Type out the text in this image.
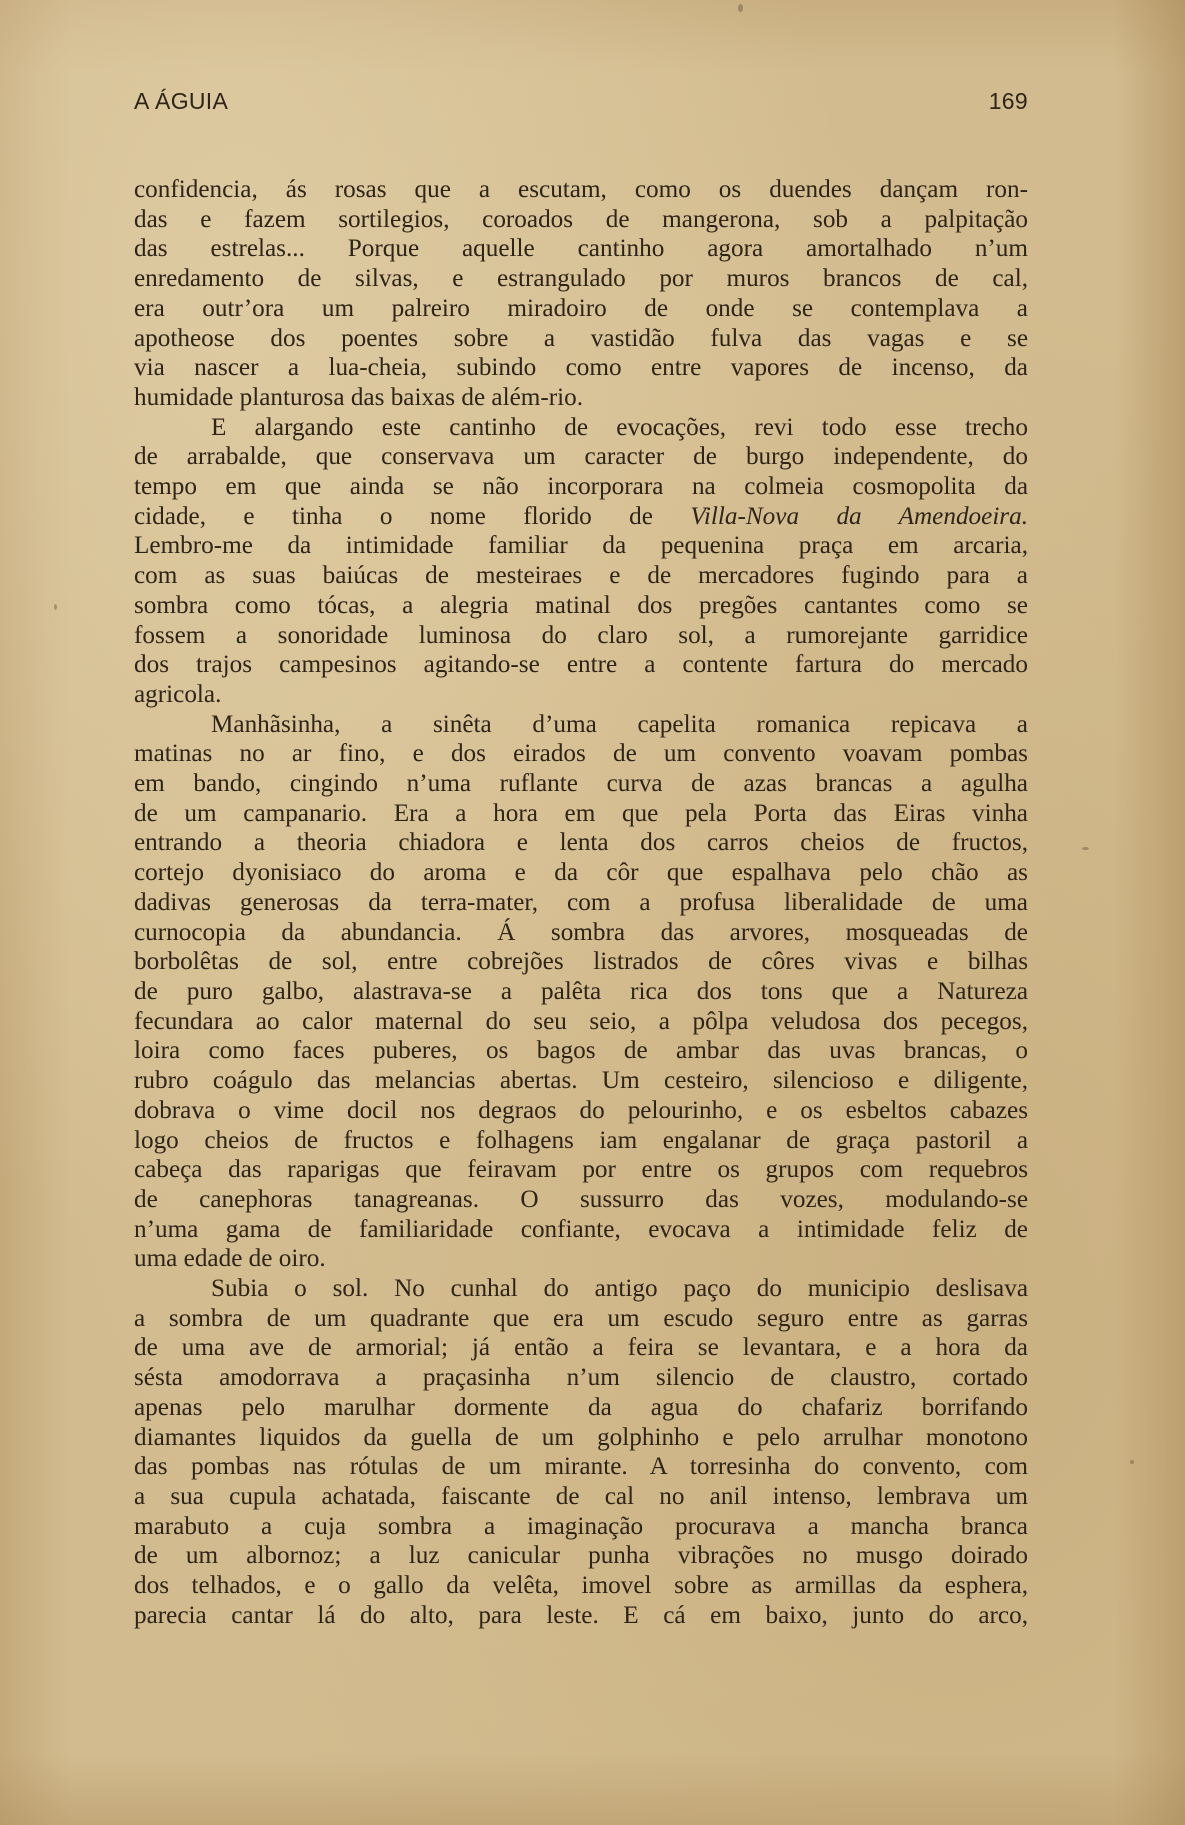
A ÁGUIA	169
confidencia, ás rosas que a escutam, como os duendes dançam ron-
das e fazem sortilegios, coroados de mangerona, sob a palpitação
das estrelas... Porque aquelle cantinho agora amortalhado n’um
enredamento de silvas, e estrangulado por muros brancos de cal,
era outr’ora um palreiro miradoiro de onde se contemplava a
apotheose dos poentes sobre a vastidão fulva das vagas e se
via nascer a lua-cheia, subindo como entre vapores de incenso, da
humidade planturosa das baixas de além-rio.
E alargando este cantinho de evocações, revi todo esse trecho
de arrabalde, que conservava um caracter de burgo independente, do
tempo em que ainda se não incorporara na colmeia cosmopolita da
cidade, e tinha o nome florido de Villa-Nova da Amendoeira.
Lembro-me da intimidade familiar da pequenina praça em arcaria,
com as suas baiúcas de mesteiraes e de mercadores fugindo para a
sombra como tócas, a alegria matinal dos pregões cantantes como se
fossem a sonoridade luminosa do claro sol, a rumorejante garridice
dos trajos campesinos agitando-se entre a contente fartura do mercado
agricola.
Manhãsinha, a sinêta d’uma capelita romanica repicava a
matinas no ar fino, e dos eirados de um convento voavam pombas
em bando, cingindo n’uma ruflante curva de azas brancas a agulha
de um campanario. Era a hora em que pela Porta das Eiras vinha
entrando a theoria chiadora e lenta dos carros cheios de fructos,
cortejo dyonisiaco do aroma e da côr que espalhava pelo chão as
dadivas generosas da terra-mater, com a profusa liberalidade de uma
curnocopia da abundancia. Á sombra das arvores, mosqueadas de
borbolêtas de sol, entre cobrejões listrados de côres vivas e bilhas
de puro galbo, alastrava-se a palêta rica dos tons que a Natureza
fecundara ao calor maternal do seu seio, a pôlpa veludosa dos pecegos,
loira como faces puberes, os bagos de ambar das uvas brancas, o
rubro coágulo das melancias abertas. Um cesteiro, silencioso e diligente,
dobrava o vime docil nos degraos do pelourinho, e os esbeltos cabazes
logo cheios de fructos e folhagens iam engalanar de graça pastoril a
cabeça das raparigas que feiravam por entre os grupos com requebros
de canephoras tanagreanas. O sussurro das vozes, modulando-se
n’uma gama de familiaridade confiante, evocava a intimidade feliz de
uma edade de oiro.
Subia o sol. No cunhal do antigo paço do municipio deslisava
a sombra de um quadrante que era um escudo seguro entre as garras
de uma ave de armorial; já então a feira se levantara, e a hora da
sésta amodorrava a praçasinha n’um silencio de claustro, cortado
apenas pelo marulhar dormente da agua do chafariz borrifando
diamantes liquidos da guella de um golphinho e pelo arrulhar monotono
das pombas nas rótulas de um mirante. A torresinha do convento, com
a sua cupula achatada, faiscante de cal no anil intenso, lembrava um
marabuto a cuja sombra a imaginação procurava a mancha branca
de um albornoz; a luz canicular punha vibrações no musgo doirado
dos telhados, e o gallo da velêta, imovel sobre as armillas da esphera,
parecia cantar lá do alto, para leste. E cá em baixo, junto do arco,
